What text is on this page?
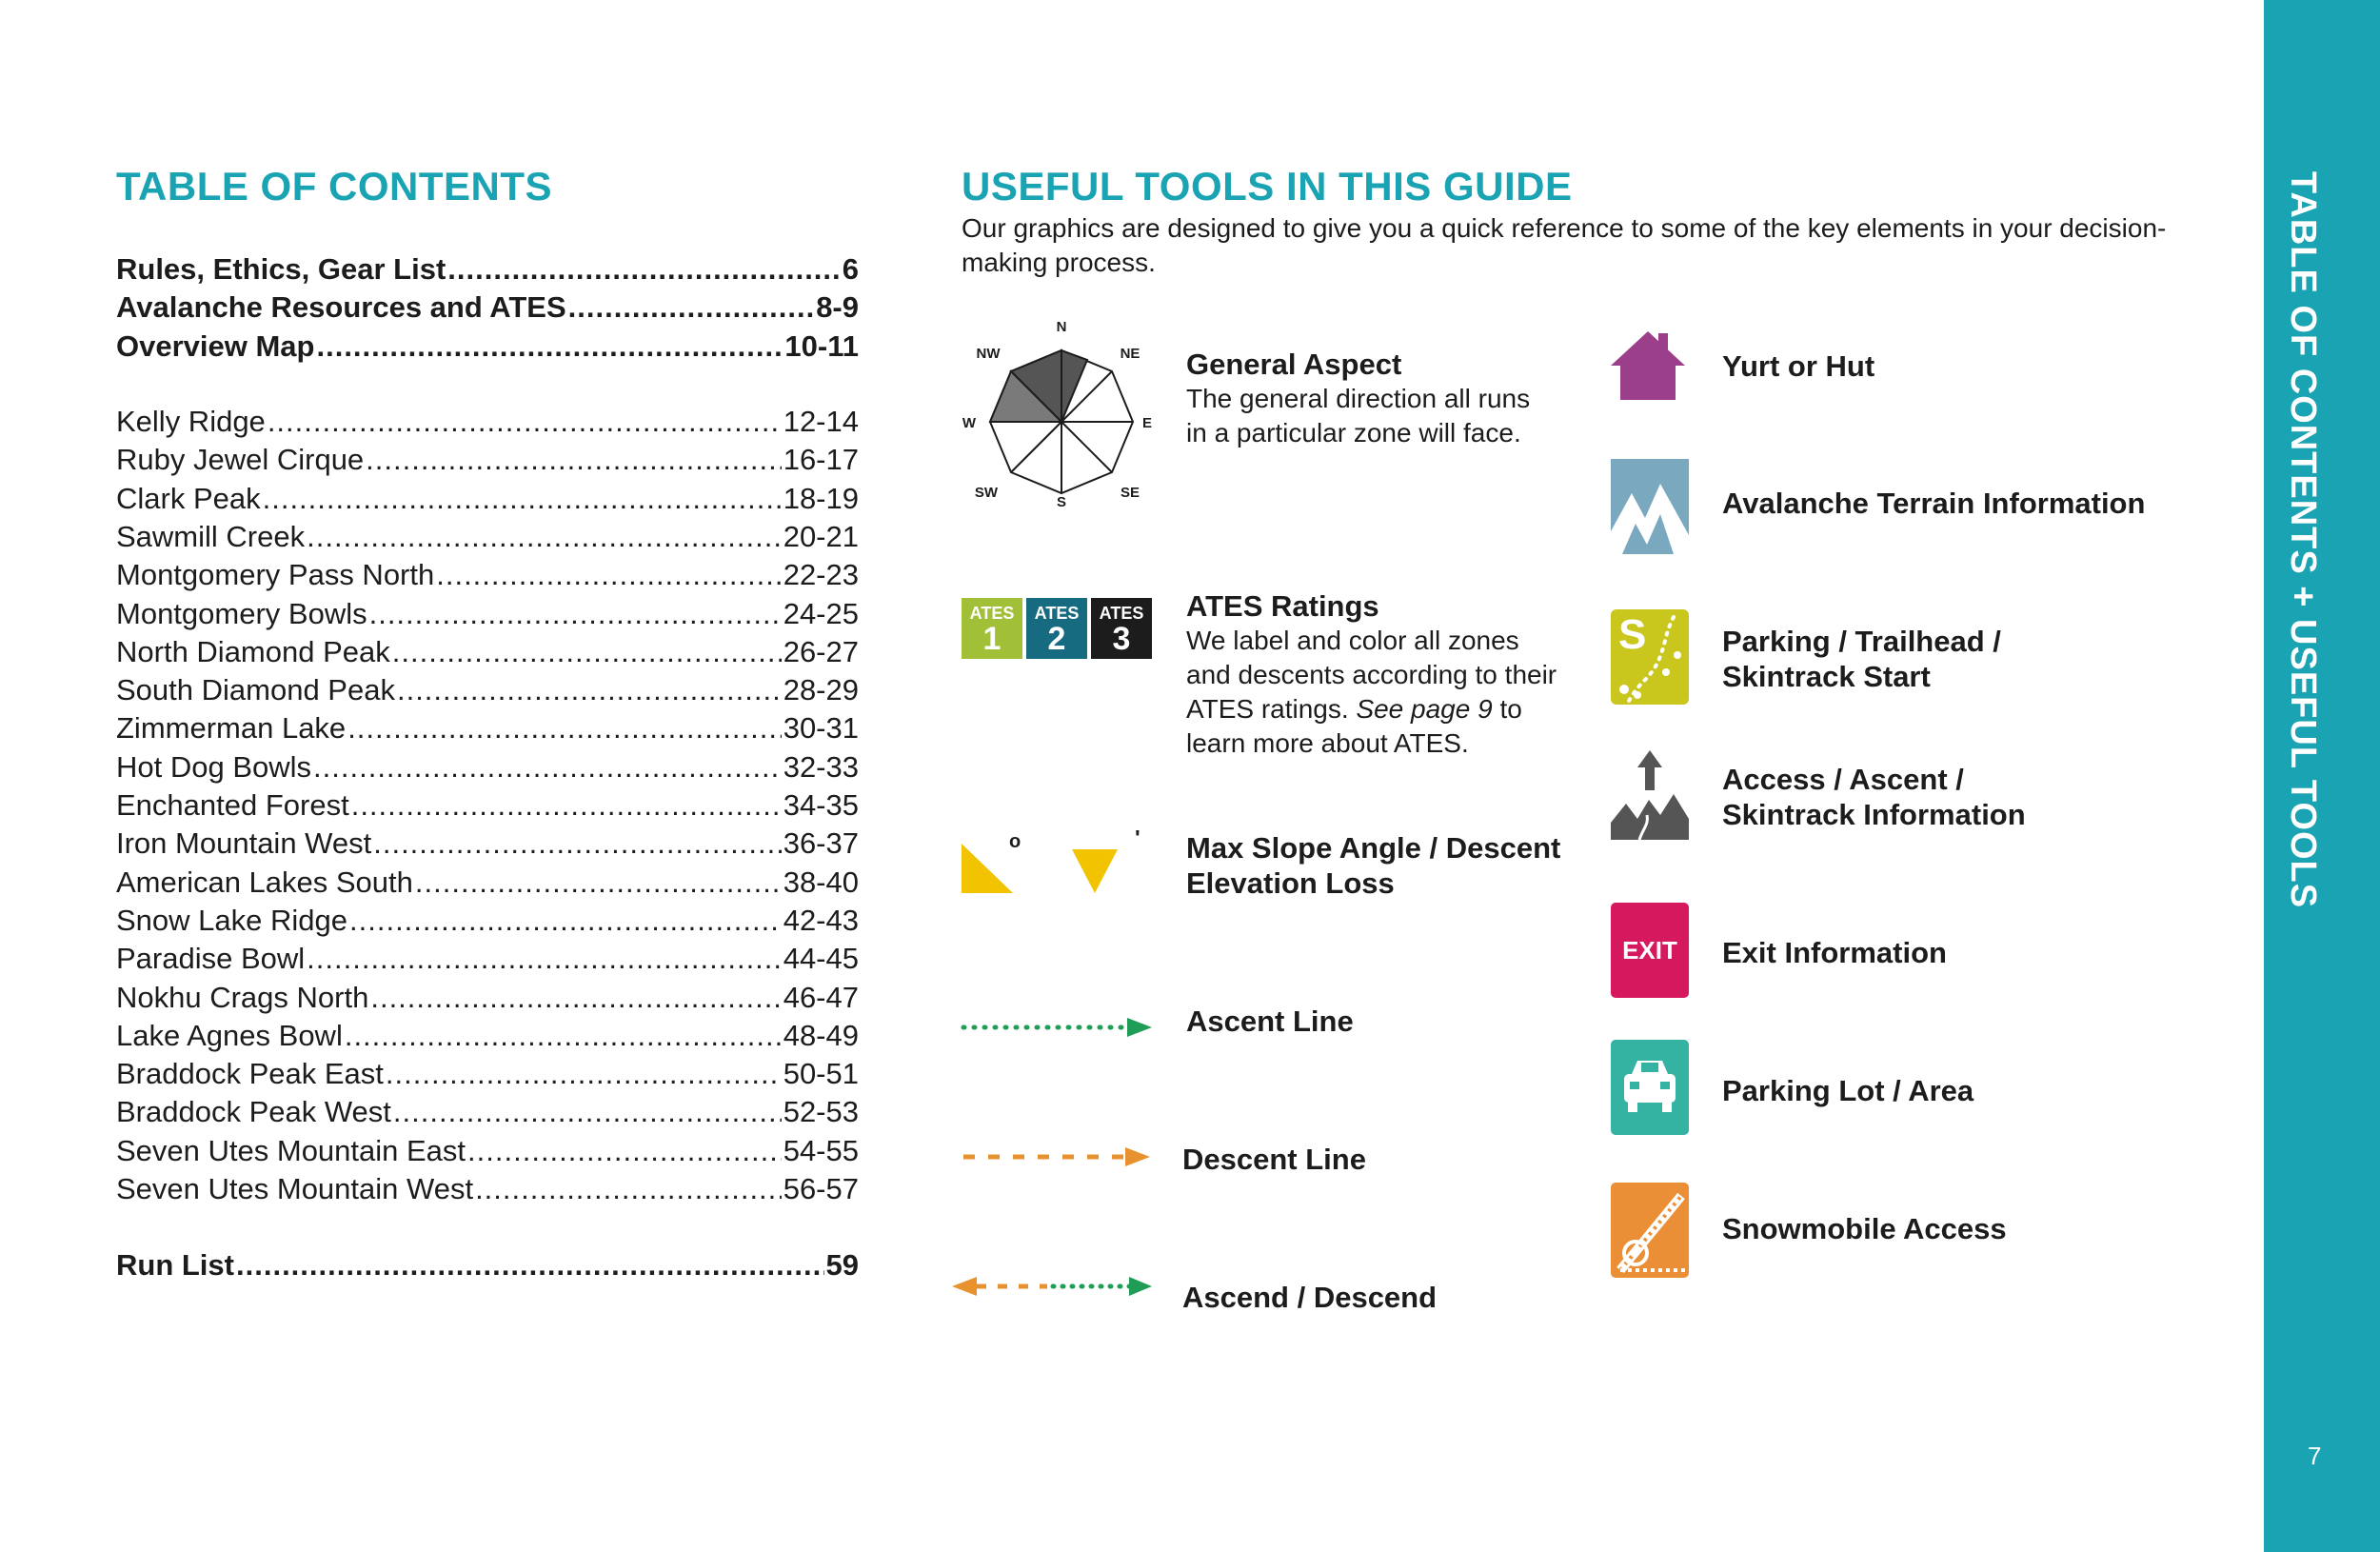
TABLE OF CONTENTS
Rules, Ethics, Gear List .....	6
Avalanche Resources and ATES .....	8-9
Overview Map .....	10-11
Kelly Ridge .....	12-14
Ruby Jewel Cirque .....	16-17
Clark Peak .....	18-19
Sawmill Creek .....	20-21
Montgomery Pass North .....	22-23
Montgomery Bowls .....	24-25
North Diamond Peak .....	26-27
South Diamond Peak .....	28-29
Zimmerman Lake .....	30-31
Hot Dog Bowls .....	32-33
Enchanted Forest .....	34-35
Iron Mountain West .....	36-37
American Lakes South .....	38-40
Snow Lake Ridge .....	42-43
Paradise Bowl .....	44-45
Nokhu Crags North .....	46-47
Lake Agnes Bowl .....	48-49
Braddock Peak East .....	50-51
Braddock Peak West .....	52-53
Seven Utes Mountain East .....	54-55
Seven Utes Mountain West .....	56-57
Run List .....	59
USEFUL TOOLS IN THIS GUIDE
Our graphics are designed to give you a quick reference to some of the key elements in your decision-making process.
N
NE
E
SE
S
SW
W
NW	General Aspect
The general direction all runs in a particular zone will face.
ATES
1
ATES
2
ATES
3
ATES Ratings
We label and color all zones and descents according to their ATES ratings. See page 9 to learn more about ATES.
o	' Max Slope Angle / Descent Elevation Loss
Ascent Line
Descent Line
Ascend / Descend
Yurt or Hut
Avalanche Terrain Information
S	Parking / Trailhead /
Skintrack Start
Access / Ascent /
Skintrack Information
EXIT Exit Information
Parking Lot / Area
Snowmobile Access
TABLE OF CONTENTS + USEFUL TOOLS
7
